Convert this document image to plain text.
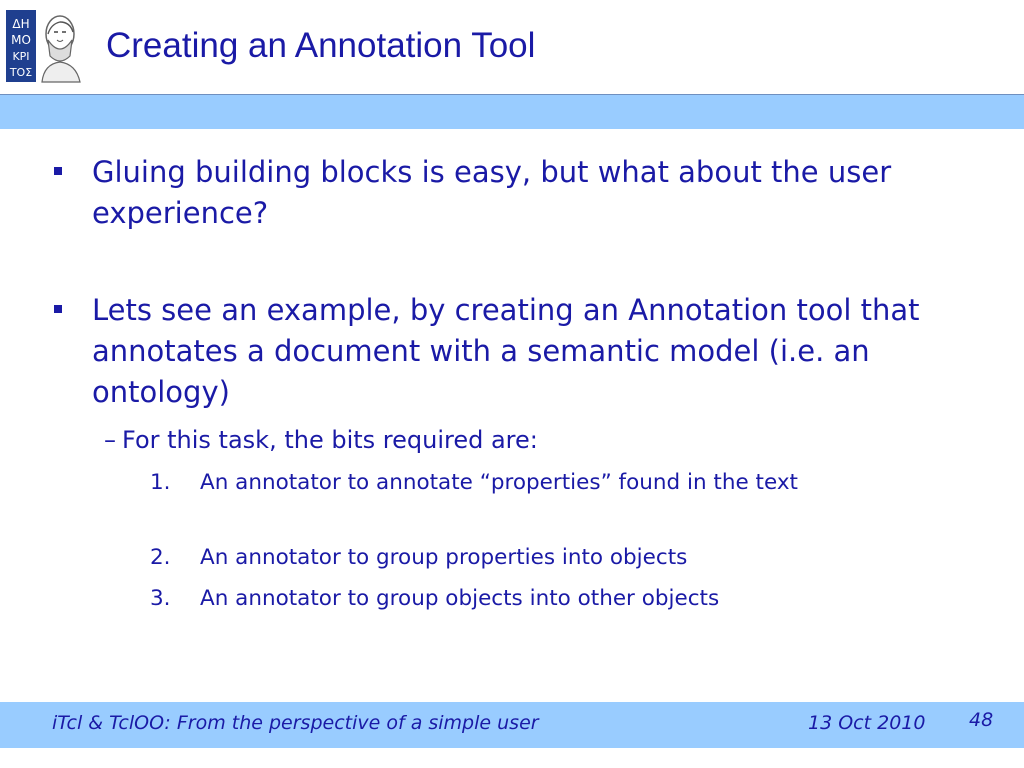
ΔΗ
ΜΟ
ΚΡΙ
ΤΟΣ
Creating an Annotation Tool
Gluing building blocks is easy, but what about the user experience?
Lets see an example, by creating an Annotation tool that annotates a document with a semantic model (i.e. an ontology)
– For this task, the bits required are:
1. An annotator to annotate “properties” found in the text
2. An annotator to group properties into objects
3. An annotator to group objects into other objects
iTcl & TclOO: From the perspective of a simple user	13 Oct 2010 48
